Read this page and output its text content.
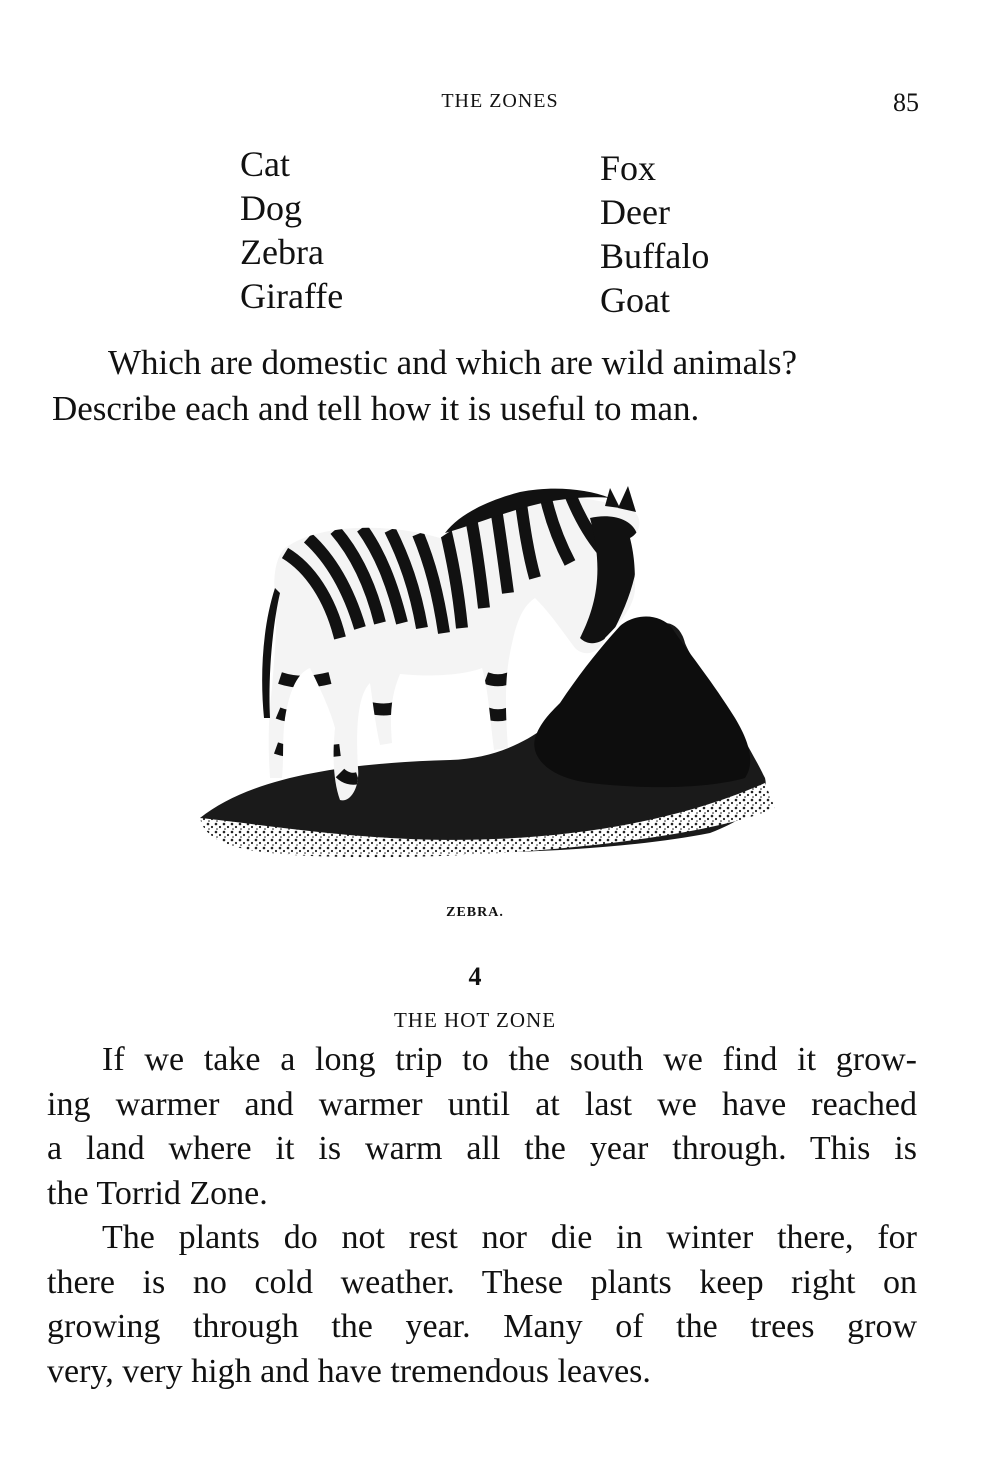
THE ZONES	85
Cat
Dog
Zebra
Giraffe
Fox
Deer
Buffalo
Goat
Which are domestic and which are wild animals?
Describe each and tell how it is useful to man.
ZEBRA.
4
THE HOT ZONE
If we take a long trip to the south we find it grow-
ing warmer and warmer until at last we have reached
a land where it is warm all the year through. This is
the Torrid Zone.
The plants do not rest nor die in winter there, for
there is no cold weather. These plants keep right on
growing through the year. Many of the trees grow
very, very high and have tremendous leaves.
